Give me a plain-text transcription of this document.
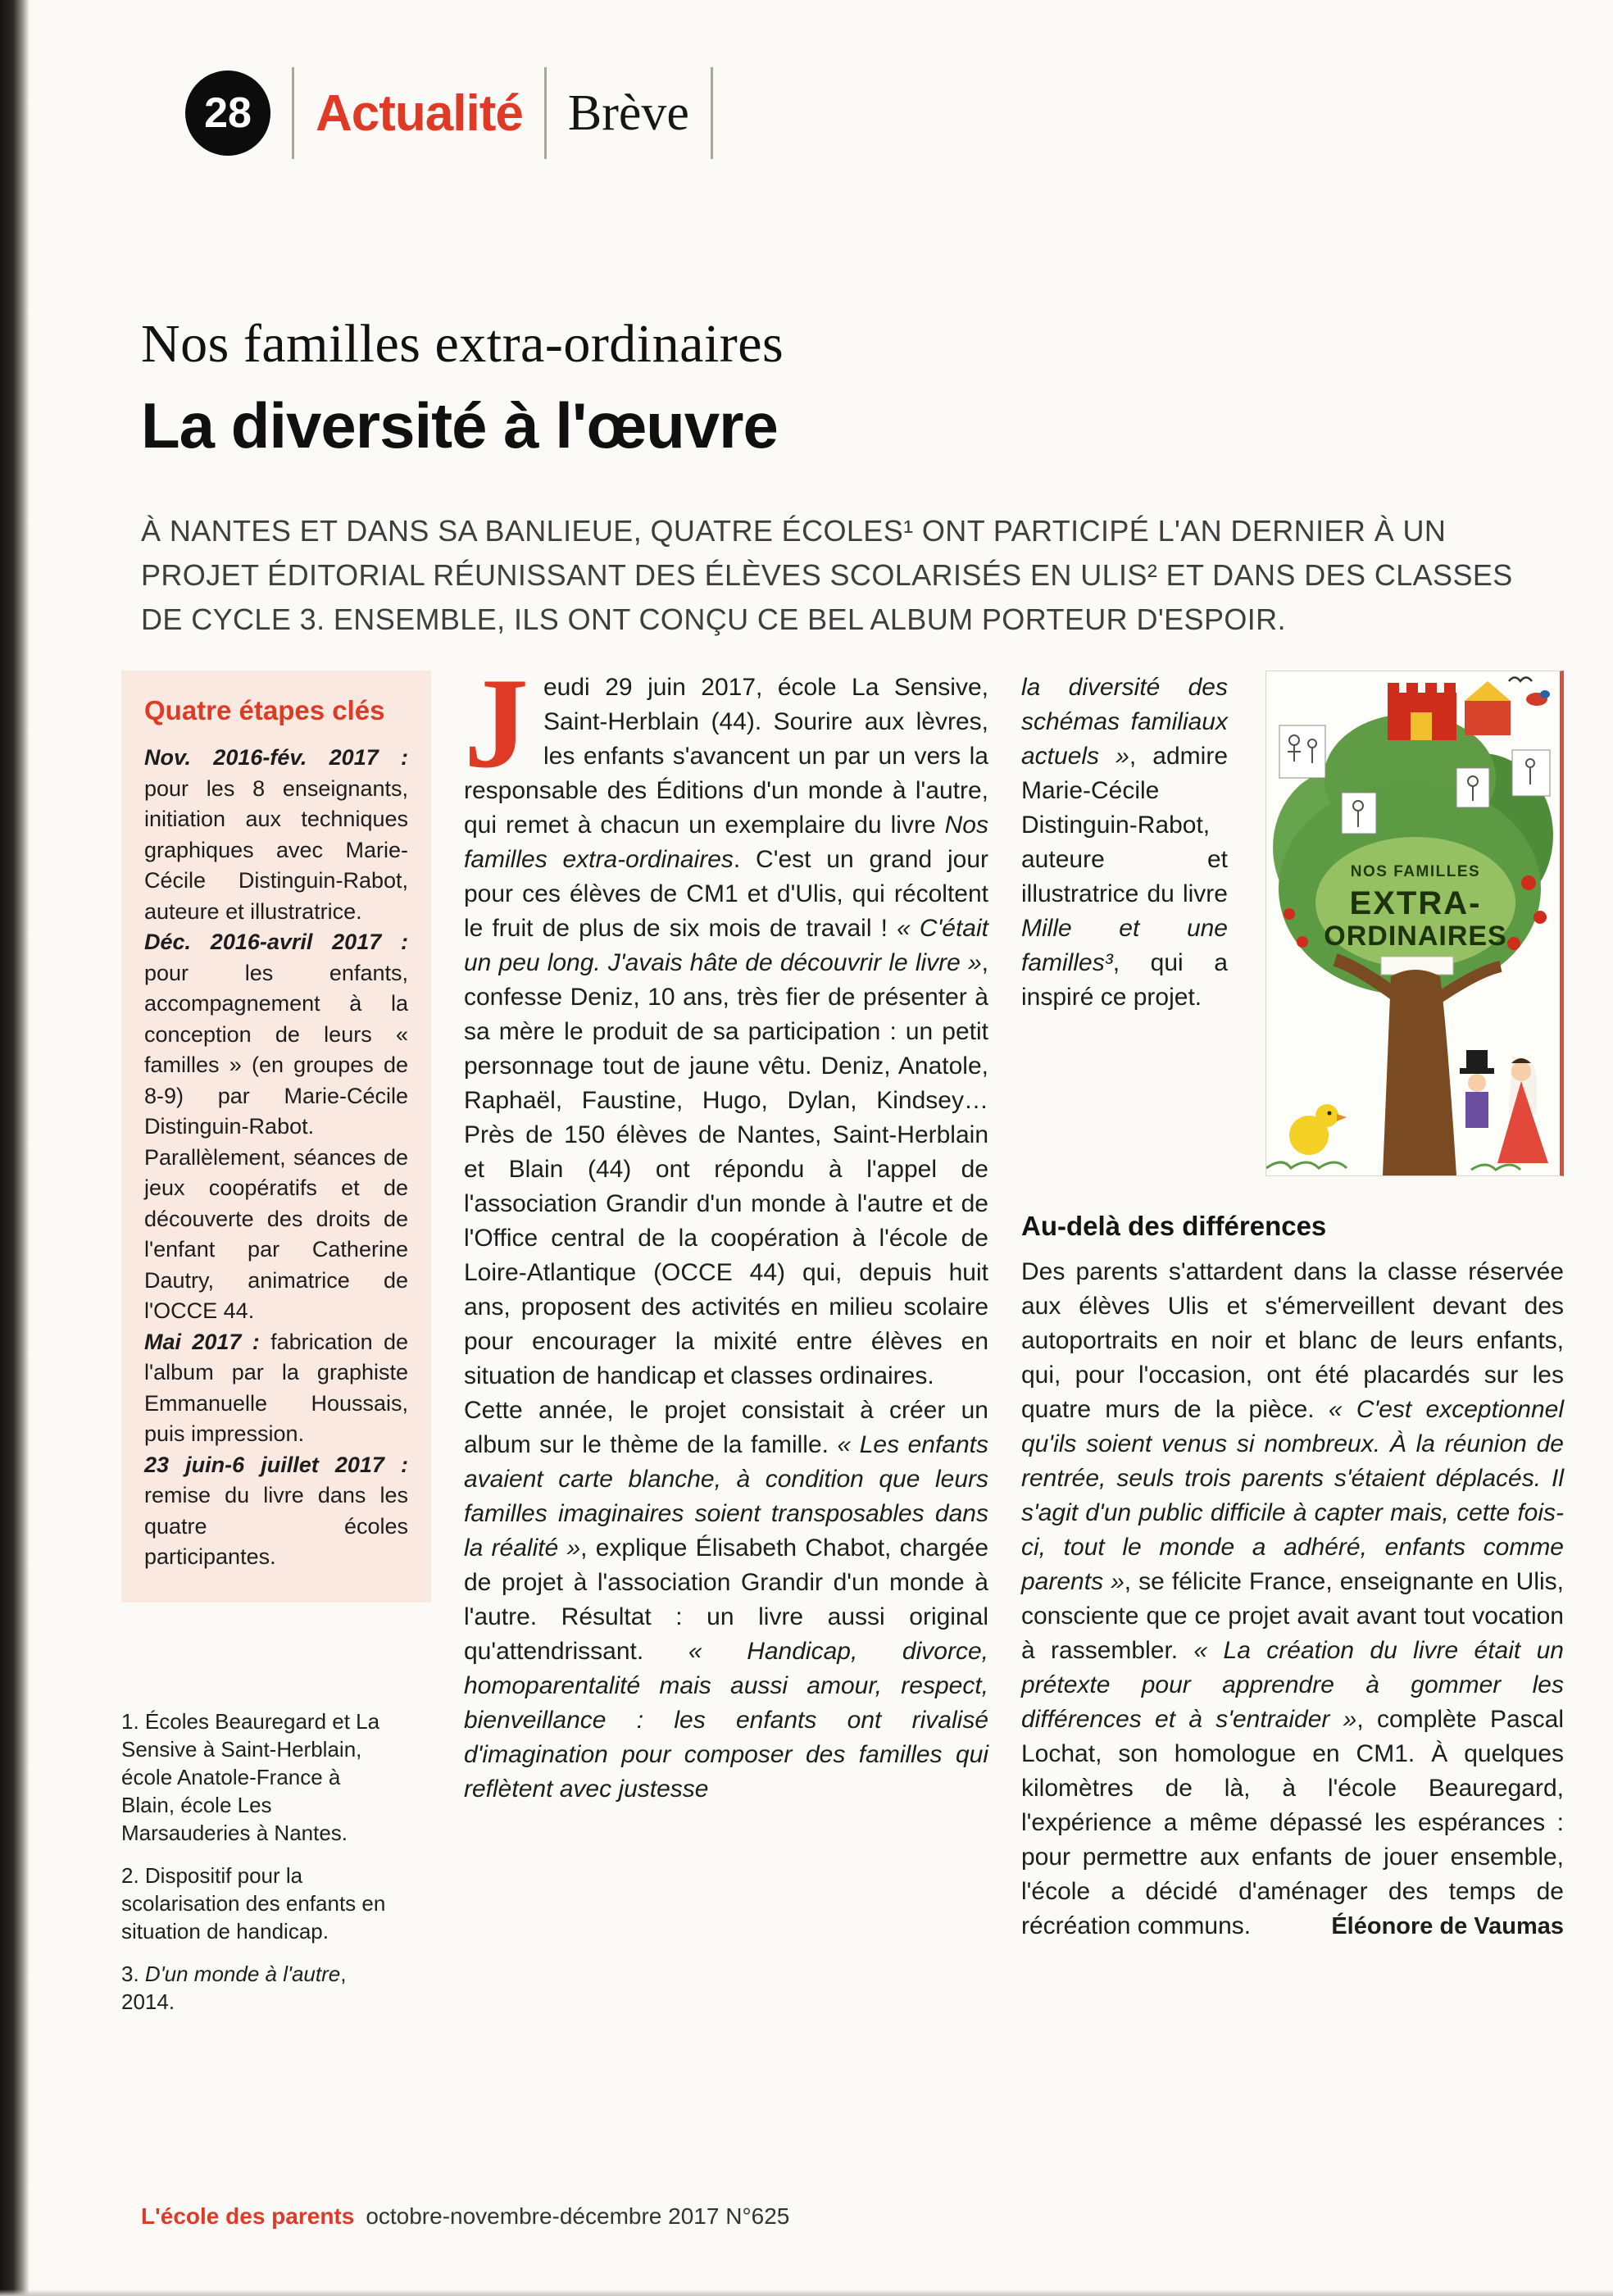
28	Actualité Brève
Nos familles extra-ordinaires
La diversité à l'œuvre

À NANTES ET DANS SA BANLIEUE, QUATRE ÉCOLES¹ ONT PARTICIPÉ L'AN DERNIER À UN PROJET ÉDITORIAL RÉUNISSANT DES ÉLÈVES SCOLARISÉS EN ULIS² ET DANS DES CLASSES DE CYCLE 3. ENSEMBLE, ILS ONT CONÇU CE BEL ALBUM PORTEUR D'ESPOIR.

Quatre étapes clés
Nov. 2016-fév. 2017 : pour les 8 enseignants, initiation aux techniques graphiques avec Marie-Cécile Distinguin-Rabot, auteure et illustratrice.
Déc. 2016-avril 2017 : pour les enfants, accompagnement à la conception de leurs « familles » (en groupes de 8-9) par Marie-Cécile Distinguin-Rabot. Parallèlement, séances de jeux coopératifs et de découverte des droits de l'enfant par Catherine Dautry, animatrice de l'OCCE 44.
Mai 2017 : fabrication de l'album par la graphiste Emmanuelle Houssais, puis impression.
23 juin-6 juillet 2017 : remise du livre dans les quatre écoles participantes.
1. Écoles Beauregard et La Sensive à Saint-Herblain, école Anatole-France à Blain, école Les Marsauderies à Nantes.
2. Dispositif pour la scolarisation des enfants en situation de handicap.
3. D'un monde à l'autre, 2014.

Jeudi 29 juin 2017, école La Sensive, Saint-Herblain (44). Sourire aux lèvres, les enfants s'avancent un par un vers la responsable des Éditions d'un monde à l'autre, qui remet à chacun un exemplaire du livre Nos familles extra-ordinaires. C'est un grand jour pour ces élèves de CM1 et d'Ulis, qui récoltent le fruit de plus de six mois de travail ! « C'était un peu long. J'avais hâte de découvrir le livre », confesse Deniz, 10 ans, très fier de présenter à sa mère le produit de sa participation : un petit personnage tout de jaune vêtu. Deniz, Anatole, Raphaël, Faustine, Hugo, Dylan, Kindsey… Près de 150 élèves de Nantes, Saint-Herblain et Blain (44) ont répondu à l'appel de l'association Grandir d'un monde à l'autre et de l'Office central de la coopération à l'école de Loire-Atlantique (OCCE 44) qui, depuis huit ans, proposent des activités en milieu scolaire pour encourager la mixité entre élèves en situation de handicap et classes ordinaires.

Cette année, le projet consistait à créer un album sur le thème de la famille. « Les enfants avaient carte blanche, à condition que leurs familles imaginaires soient transposables dans la réalité », explique Élisabeth Chabot, chargée de projet à l'association Grandir d'un monde à l'autre. Résultat : un livre aussi original qu'attendrissant. « Handicap, divorce, homoparentalité mais aussi amour, respect, bienveillance : les enfants ont rivalisé d'imagination pour composer des familles qui reflètent avec justesse

la diversité des schémas familiaux actuels », admire Marie-Cécile Distinguin-Rabot, auteure et illustratrice du livre Mille et une familles³, qui a inspiré ce projet.
NOS FAMILLES
EXTRA-
ORDINAIRES
Au-delà des différences

Des parents s'attardent dans la classe réservée aux élèves Ulis et s'émerveillent devant des autoportraits en noir et blanc de leurs enfants, qui, pour l'occasion, ont été placardés sur les quatre murs de la pièce. « C'est exceptionnel qu'ils soient venus si nombreux. À la réunion de rentrée, seuls trois parents s'étaient déplacés. Il s'agit d'un public difficile à capter mais, cette fois-ci, tout le monde a adhéré, enfants comme parents », se félicite France, enseignante en Ulis, consciente que ce projet avait avant tout vocation à rassembler. « La création du livre était un prétexte pour apprendre à gommer les différences et à s'entraider », complète Pascal Lochat, son homologue en CM1. À quelques kilomètres de là, à l'école Beauregard, l'expérience a même dépassé les espérances : pour permettre aux enfants de jouer ensemble, l'école a décidé d'aménager des temps de récréation communs.	Éléonore de Vaumas

L'école des parents octobre-novembre-décembre 2017 N°625
